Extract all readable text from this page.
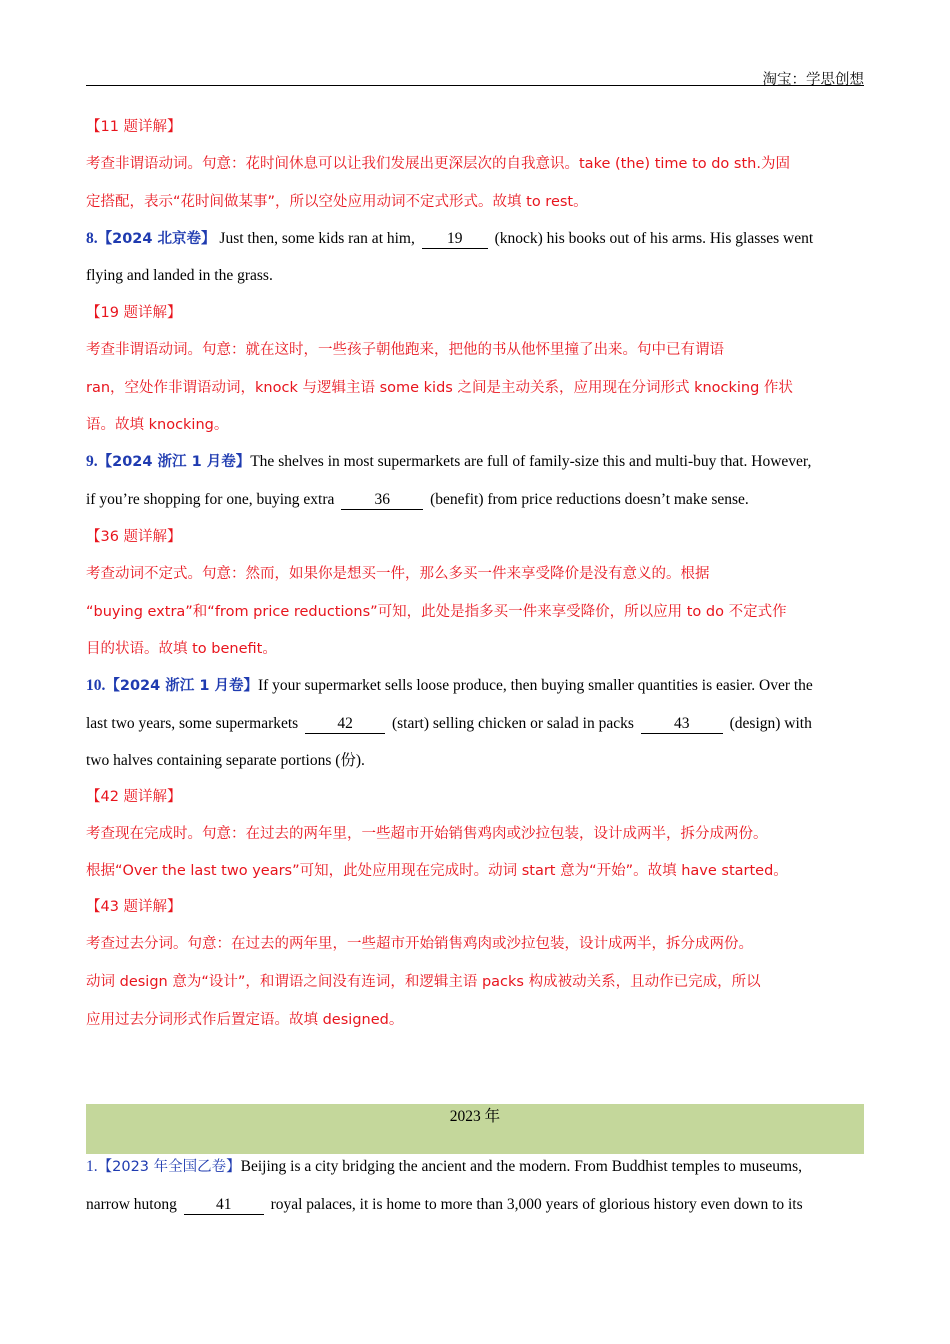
淘宝：学思创想
【11 题详解】
考查非谓语动词。句意：花时间休息可以让我们发展出更深层次的自我意识。take (the) time to do sth.为固
定搭配，表示“花时间做某事”，所以空处应用动词不定式形式。故填 to rest。
8.【2024 北京卷】 Just then, some kids ran at him, 19 (knock) his books out of his arms. His glasses went
flying and landed in the grass.
【19 题详解】
考查非谓语动词。句意：就在这时，一些孩子朝他跑来，把他的书从他怀里撞了出来。句中已有谓语
ran，空处作非谓语动词，knock 与逻辑主语 some kids 之间是主动关系，应用现在分词形式 knocking 作状
语。故填 knocking。
9.【2024 浙江 1 月卷】The shelves in most supermarkets are full of family-size this and multi-buy that. However,
if you’re shopping for one, buying extra 36 (benefit) from price reductions doesn’t make sense.
【36 题详解】
考查动词不定式。句意：然而，如果你是想买一件，那么多买一件来享受降价是没有意义的。根据
“buying extra”和“from price reductions”可知，此处是指多买一件来享受降价，所以应用 to do 不定式作
目的状语。故填 to benefit。
10.【2024 浙江 1 月卷】If your supermarket sells loose produce, then buying smaller quantities is easier. Over the
last two years, some supermarkets 42 (start) selling chicken or salad in packs 43 (design) with
two halves containing separate portions (份).
【42 题详解】
考查现在完成时。句意：在过去的两年里，一些超市开始销售鸡肉或沙拉包装，设计成两半，拆分成两份。
根据“Over the last two years”可知，此处应用现在完成时。动词 start 意为“开始”。故填 have started。
【43 题详解】
考查过去分词。句意：在过去的两年里，一些超市开始销售鸡肉或沙拉包装，设计成两半，拆分成两份。
动词 design 意为“设计”，和谓语之间没有连词，和逻辑主语 packs 构成被动关系，且动作已完成，所以
应用过去分词形式作后置定语。故填 designed。
2023 年
1.【2023 年全国乙卷】Beijing is a city bridging the ancient and the modern. From Buddhist temples to museums,
narrow hutong 41 royal palaces, it is home to more than 3,000 years of glorious history even down to its
